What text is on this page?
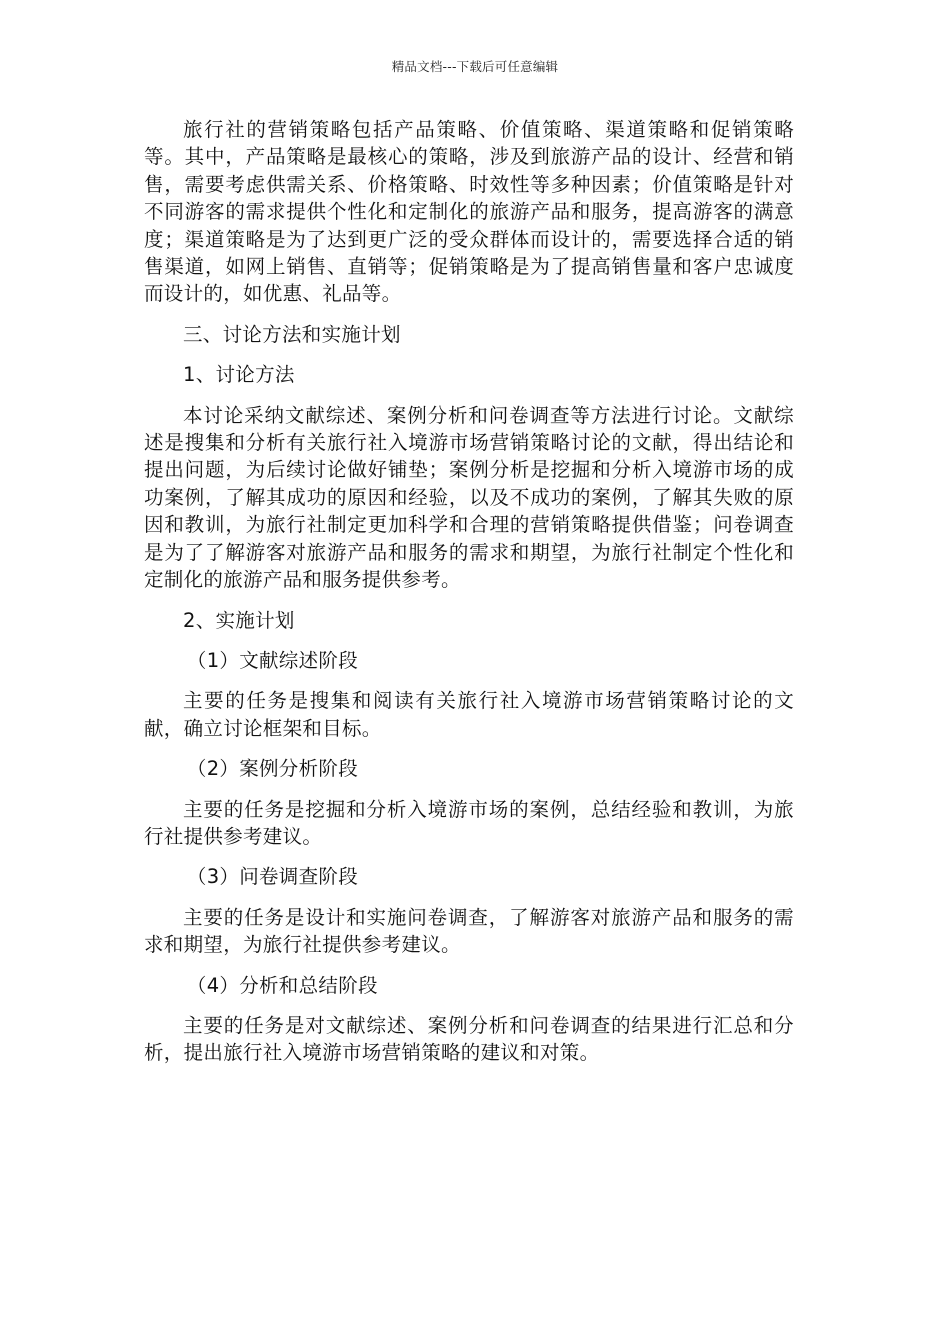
精品文档---下载后可任意编辑

旅行社的营销策略包括产品策略、价值策略、渠道策略和促销策略等。其中，产品策略是最核心的策略，涉及到旅游产品的设计、经营和销售，需要考虑供需关系、价格策略、时效性等多种因素；价值策略是针对不同游客的需求提供个性化和定制化的旅游产品和服务，提高游客的满意度；渠道策略是为了达到更广泛的受众群体而设计的，需要选择合适的销售渠道，如网上销售、直销等；促销策略是为了提高销售量和客户忠诚度而设计的，如优惠、礼品等。

三、讨论方法和实施计划

1、讨论方法

本讨论采纳文献综述、案例分析和问卷调查等方法进行讨论。文献综述是搜集和分析有关旅行社入境游市场营销策略讨论的文献，得出结论和提出问题，为后续讨论做好铺垫；案例分析是挖掘和分析入境游市场的成功案例，了解其成功的原因和经验，以及不成功的案例，了解其失败的原因和教训，为旅行社制定更加科学和合理的营销策略提供借鉴；问卷调查是为了了解游客对旅游产品和服务的需求和期望，为旅行社制定个性化和定制化的旅游产品和服务提供参考。

2、实施计划

（1）文献综述阶段

主要的任务是搜集和阅读有关旅行社入境游市场营销策略讨论的文献，确立讨论框架和目标。

（2）案例分析阶段

主要的任务是挖掘和分析入境游市场的案例，总结经验和教训，为旅行社提供参考建议。

（3）问卷调查阶段

主要的任务是设计和实施问卷调查，了解游客对旅游产品和服务的需求和期望，为旅行社提供参考建议。

（4）分析和总结阶段

主要的任务是对文献综述、案例分析和问卷调查的结果进行汇总和分析，提出旅行社入境游市场营销策略的建议和对策。
